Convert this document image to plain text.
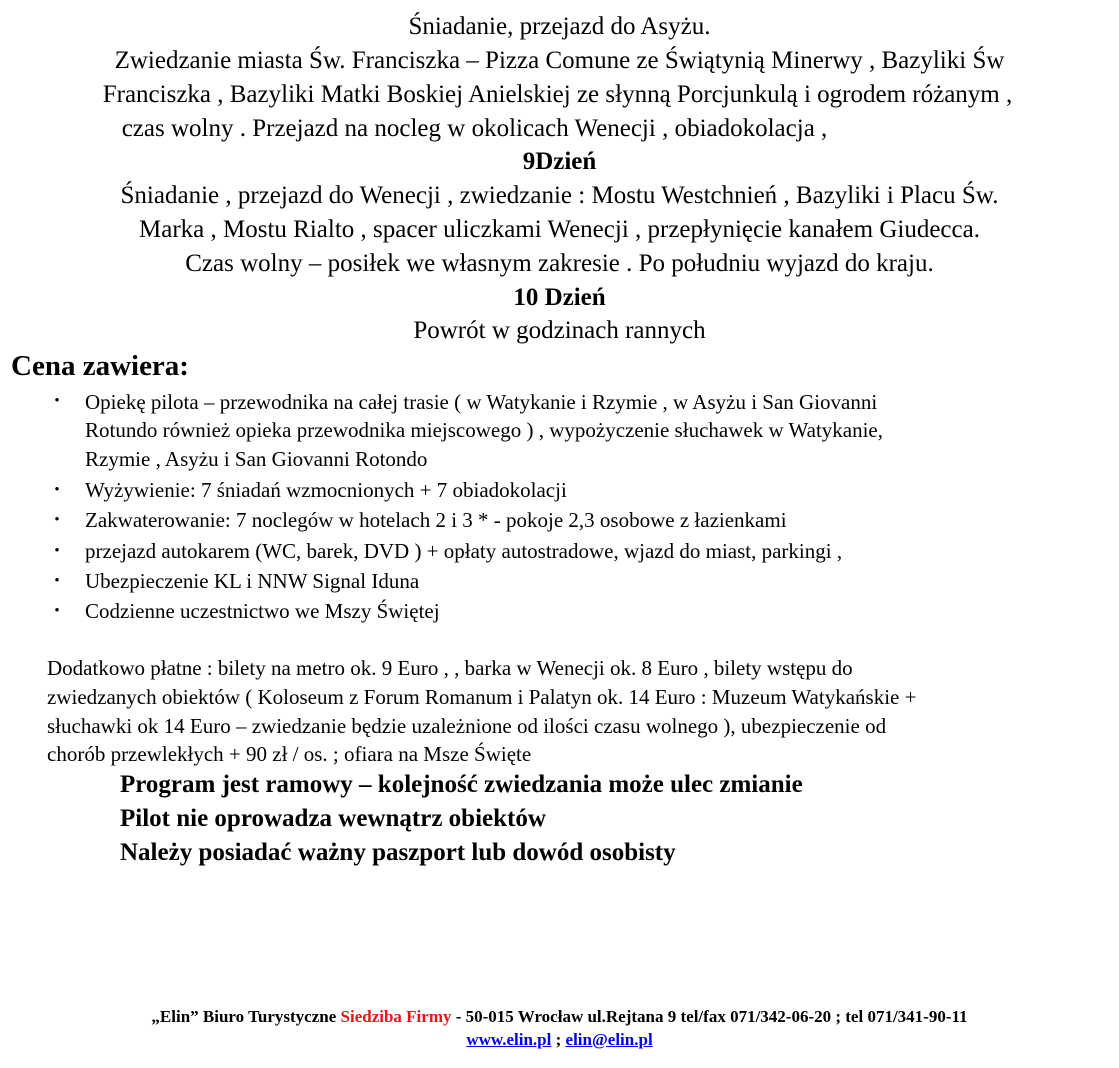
Śniadanie, przejazd do Asyżu.
Zwiedzanie miasta Św. Franciszka – Pizza Comune ze Świątynią Minerwy , Bazyliki Św
Franciszka , Bazyliki Matki Boskiej Anielskiej ze słynną Porcjunkulą i ogrodem różanym ,
czas wolny . Przejazd na nocleg w okolicach Wenecji , obiadokolacja ,
9Dzień
Śniadanie , przejazd do Wenecji , zwiedzanie : Mostu Westchnień , Bazyliki i Placu Św.
Marka , Mostu Rialto , spacer uliczkami Wenecji , przepłynięcie kanałem Giudecca.
Czas wolny – posiłek we własnym zakresie . Po południu wyjazd do kraju.
10 Dzień
Powrót w godzinach rannych
Cena zawiera:
• Opiekę pilota – przewodnika na całej trasie ( w Watykanie i Rzymie , w Asyżu i San Giovanni
Rotundo również opieka przewodnika miejscowego ) , wypożyczenie słuchawek w Watykanie,
Rzymie , Asyżu i San Giovanni Rotondo
• Wyżywienie: 7 śniadań wzmocnionych + 7 obiadokolacji
• Zakwaterowanie: 7 noclegów w hotelach 2 i 3 * - pokoje 2,3 osobowe z łazienkami
• przejazd autokarem (WC, barek, DVD ) + opłaty autostradowe, wjazd do miast, parkingi ,
• Ubezpieczenie KL i NNW Signal Iduna
• Codzienne uczestnictwo we Mszy Świętej
Dodatkowo płatne : bilety na metro ok. 9 Euro , , barka w Wenecji ok. 8 Euro , bilety wstępu do
zwiedzanych obiektów ( Koloseum z Forum Romanum i Palatyn ok. 14 Euro : Muzeum Watykańskie +
słuchawki ok 14 Euro – zwiedzanie będzie uzależnione od ilości czasu wolnego ), ubezpieczenie od
chorób przewlekłych + 90 zł / os. ; ofiara na Msze Święte
Program jest ramowy – kolejność zwiedzania może ulec zmianie
Pilot nie oprowadza wewnątrz obiektów
Należy posiadać ważny paszport lub dowód osobisty
„Elin” Biuro Turystyczne Siedziba Firmy - 50-015 Wrocław ul.Rejtana 9 tel/fax 071/342-06-20 ; tel 071/341-90-11
www.elin.pl ; elin@elin.pl
